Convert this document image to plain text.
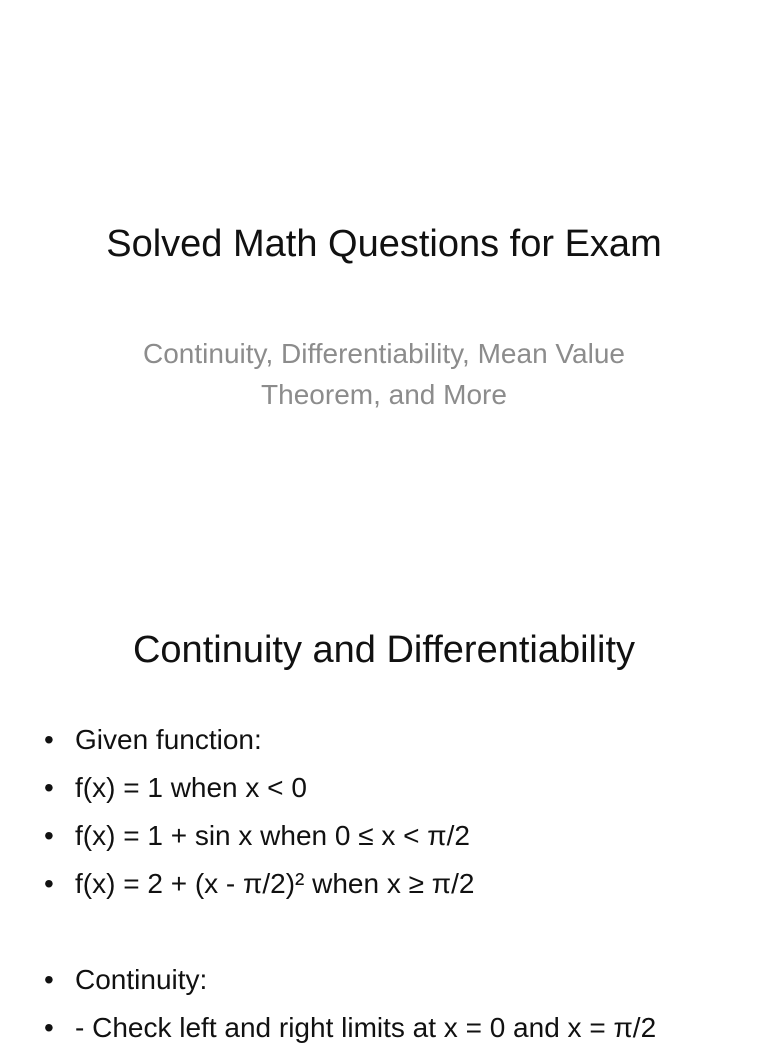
Solved Math Questions for Exam
Continuity, Differentiability, Mean Value Theorem, and More
Continuity and Differentiability
• Given function:
• f(x) = 1 when x < 0
• f(x) = 1 + sin x when 0 ≤ x < π/2
• f(x) = 2 + (x - π/2)² when x ≥ π/2
• Continuity:
• - Check left and right limits at x = 0 and x = π/2
